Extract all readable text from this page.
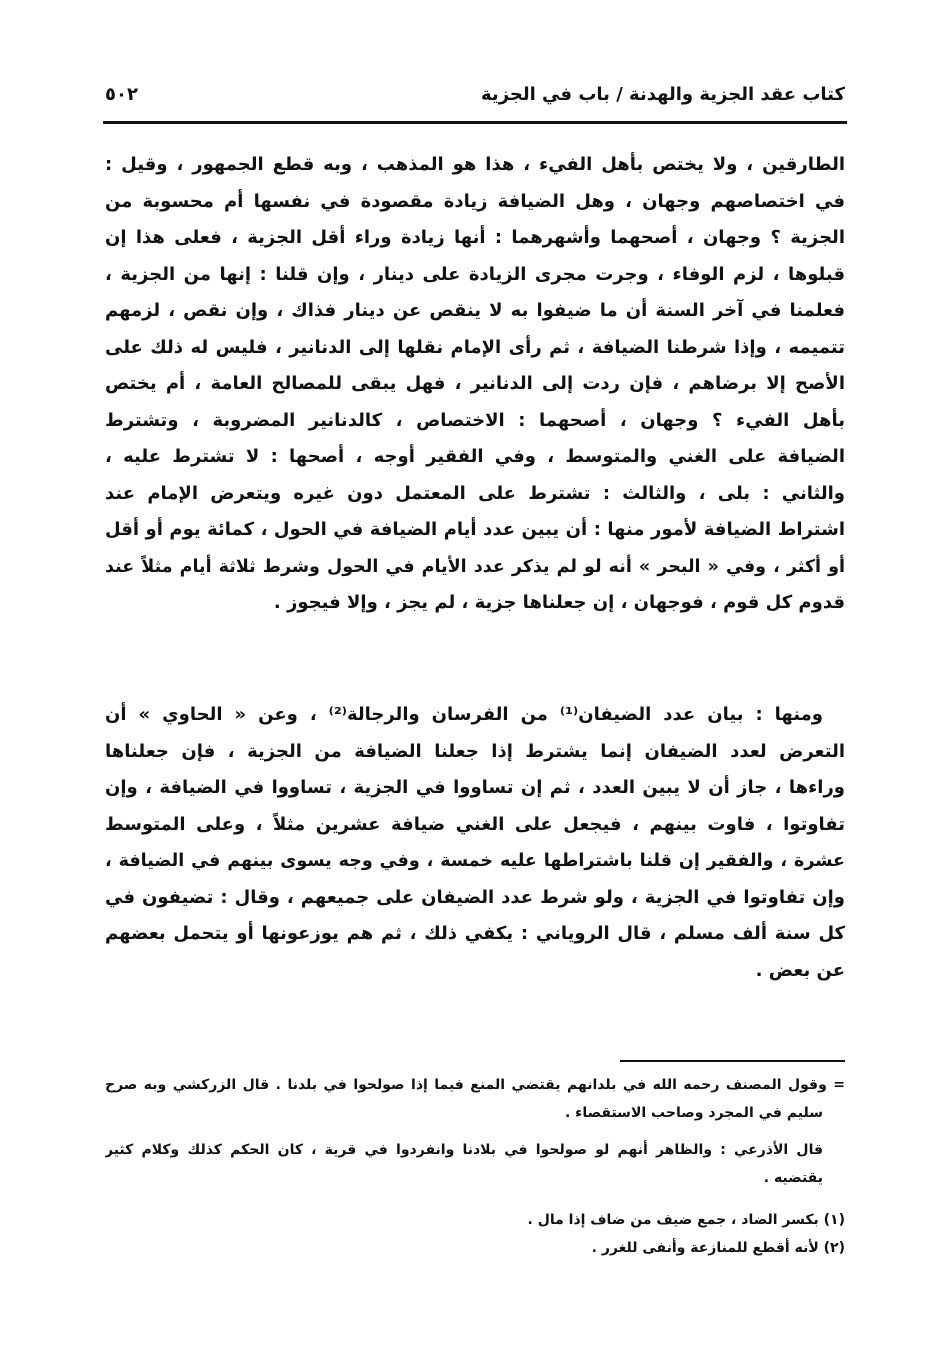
كتاب عقد الجزية والهدنة / باب في الجزية
٥٠٢
الطارقين ، ولا يختص بأهل الفيء ، هذا هو المذهب ، وبه قطع الجمهور ، وقيل :
في اختصاصهم وجهان ، وهل الضيافة زيادة مقصودة في نفسها أم محسوبة من
الجزية ؟ وجهان ، أصحهما وأشهرهما : أنها زيادة وراء أقل الجزية ، فعلى هذا إن
قبلوها ، لزم الوفاء ، وجرت مجرى الزيادة على دينار ، وإن قلنا : إنها من الجزية ،
فعلمنا في آخر السنة أن ما ضيفوا به لا ينقص عن دينار فذاك ، وإن نقص ، لزمهم
تتميمه ، وإذا شرطنا الضيافة ، ثم رأى الإمام نقلها إلى الدنانير ، فليس له ذلك على
الأصح إلا برضاهم ، فإن ردت إلى الدنانير ، فهل يبقى للمصالح العامة ، أم يختص
بأهل الفيء ؟ وجهان ، أصحهما : الاختصاص ، كالدنانير المضروبة ، وتشترط
الضيافة على الغني والمتوسط ، وفي الفقير أوجه ، أصحها : لا تشترط عليه ،
والثاني : بلى ، والثالث : تشترط على المعتمل دون غيره ويتعرض الإمام عند
اشتراط الضيافة لأمور منها : أن يبين عدد أيام الضيافة في الحول ، كمائة يوم أو أقل
أو أكثر ، وفي « البحر » أنه لو لم يذكر عدد الأيام في الحول وشرط ثلاثة أيام مثلاً عند
قدوم كل قوم ، فوجهان ، إن جعلناها جزية ، لم يجز ، وإلا فيجوز .
ومنها : بيان عدد الضيفان⁽¹⁾ من الفرسان والرجالة⁽²⁾ ، وعن « الحاوي » أن
التعرض لعدد الضيفان إنما يشترط إذا جعلنا الضيافة من الجزية ، فإن جعلناها
وراءها ، جاز أن لا يبين العدد ، ثم إن تساووا في الجزية ، تساووا في الضيافة ، وإن
تفاوتوا ، فاوت بينهم ، فيجعل على الغني ضيافة عشرين مثلاً ، وعلى المتوسط
عشرة ، والفقير إن قلنا باشتراطها عليه خمسة ، وفي وجه يسوى بينهم في الضيافة ،
وإن تفاوتوا في الجزية ، ولو شرط عدد الضيفان على جميعهم ، وقال : تضيفون في
كل سنة ألف مسلم ، قال الروياني : يكفي ذلك ، ثم هم يوزعونها أو يتحمل بعضهم
عن بعض .
= وقول المصنف رحمه الله في بلدانهم يقتضي المنع فيما إذا صولحوا في بلدنا . قال الزركشي وبه صرح
سليم في المجرد وصاحب الاستقصاء .
قال الأذرعي : والظاهر أنهم لو صولحوا في بلادنا وانفردوا في قرية ، كان الحكم كذلك وكلام كثير
يقتضيه .
(١) بكسر الضاد ، جمع ضيف من ضاف إذا مال .
(٢) لأنه أقطع للمنازعة وأنفى للغرر .
